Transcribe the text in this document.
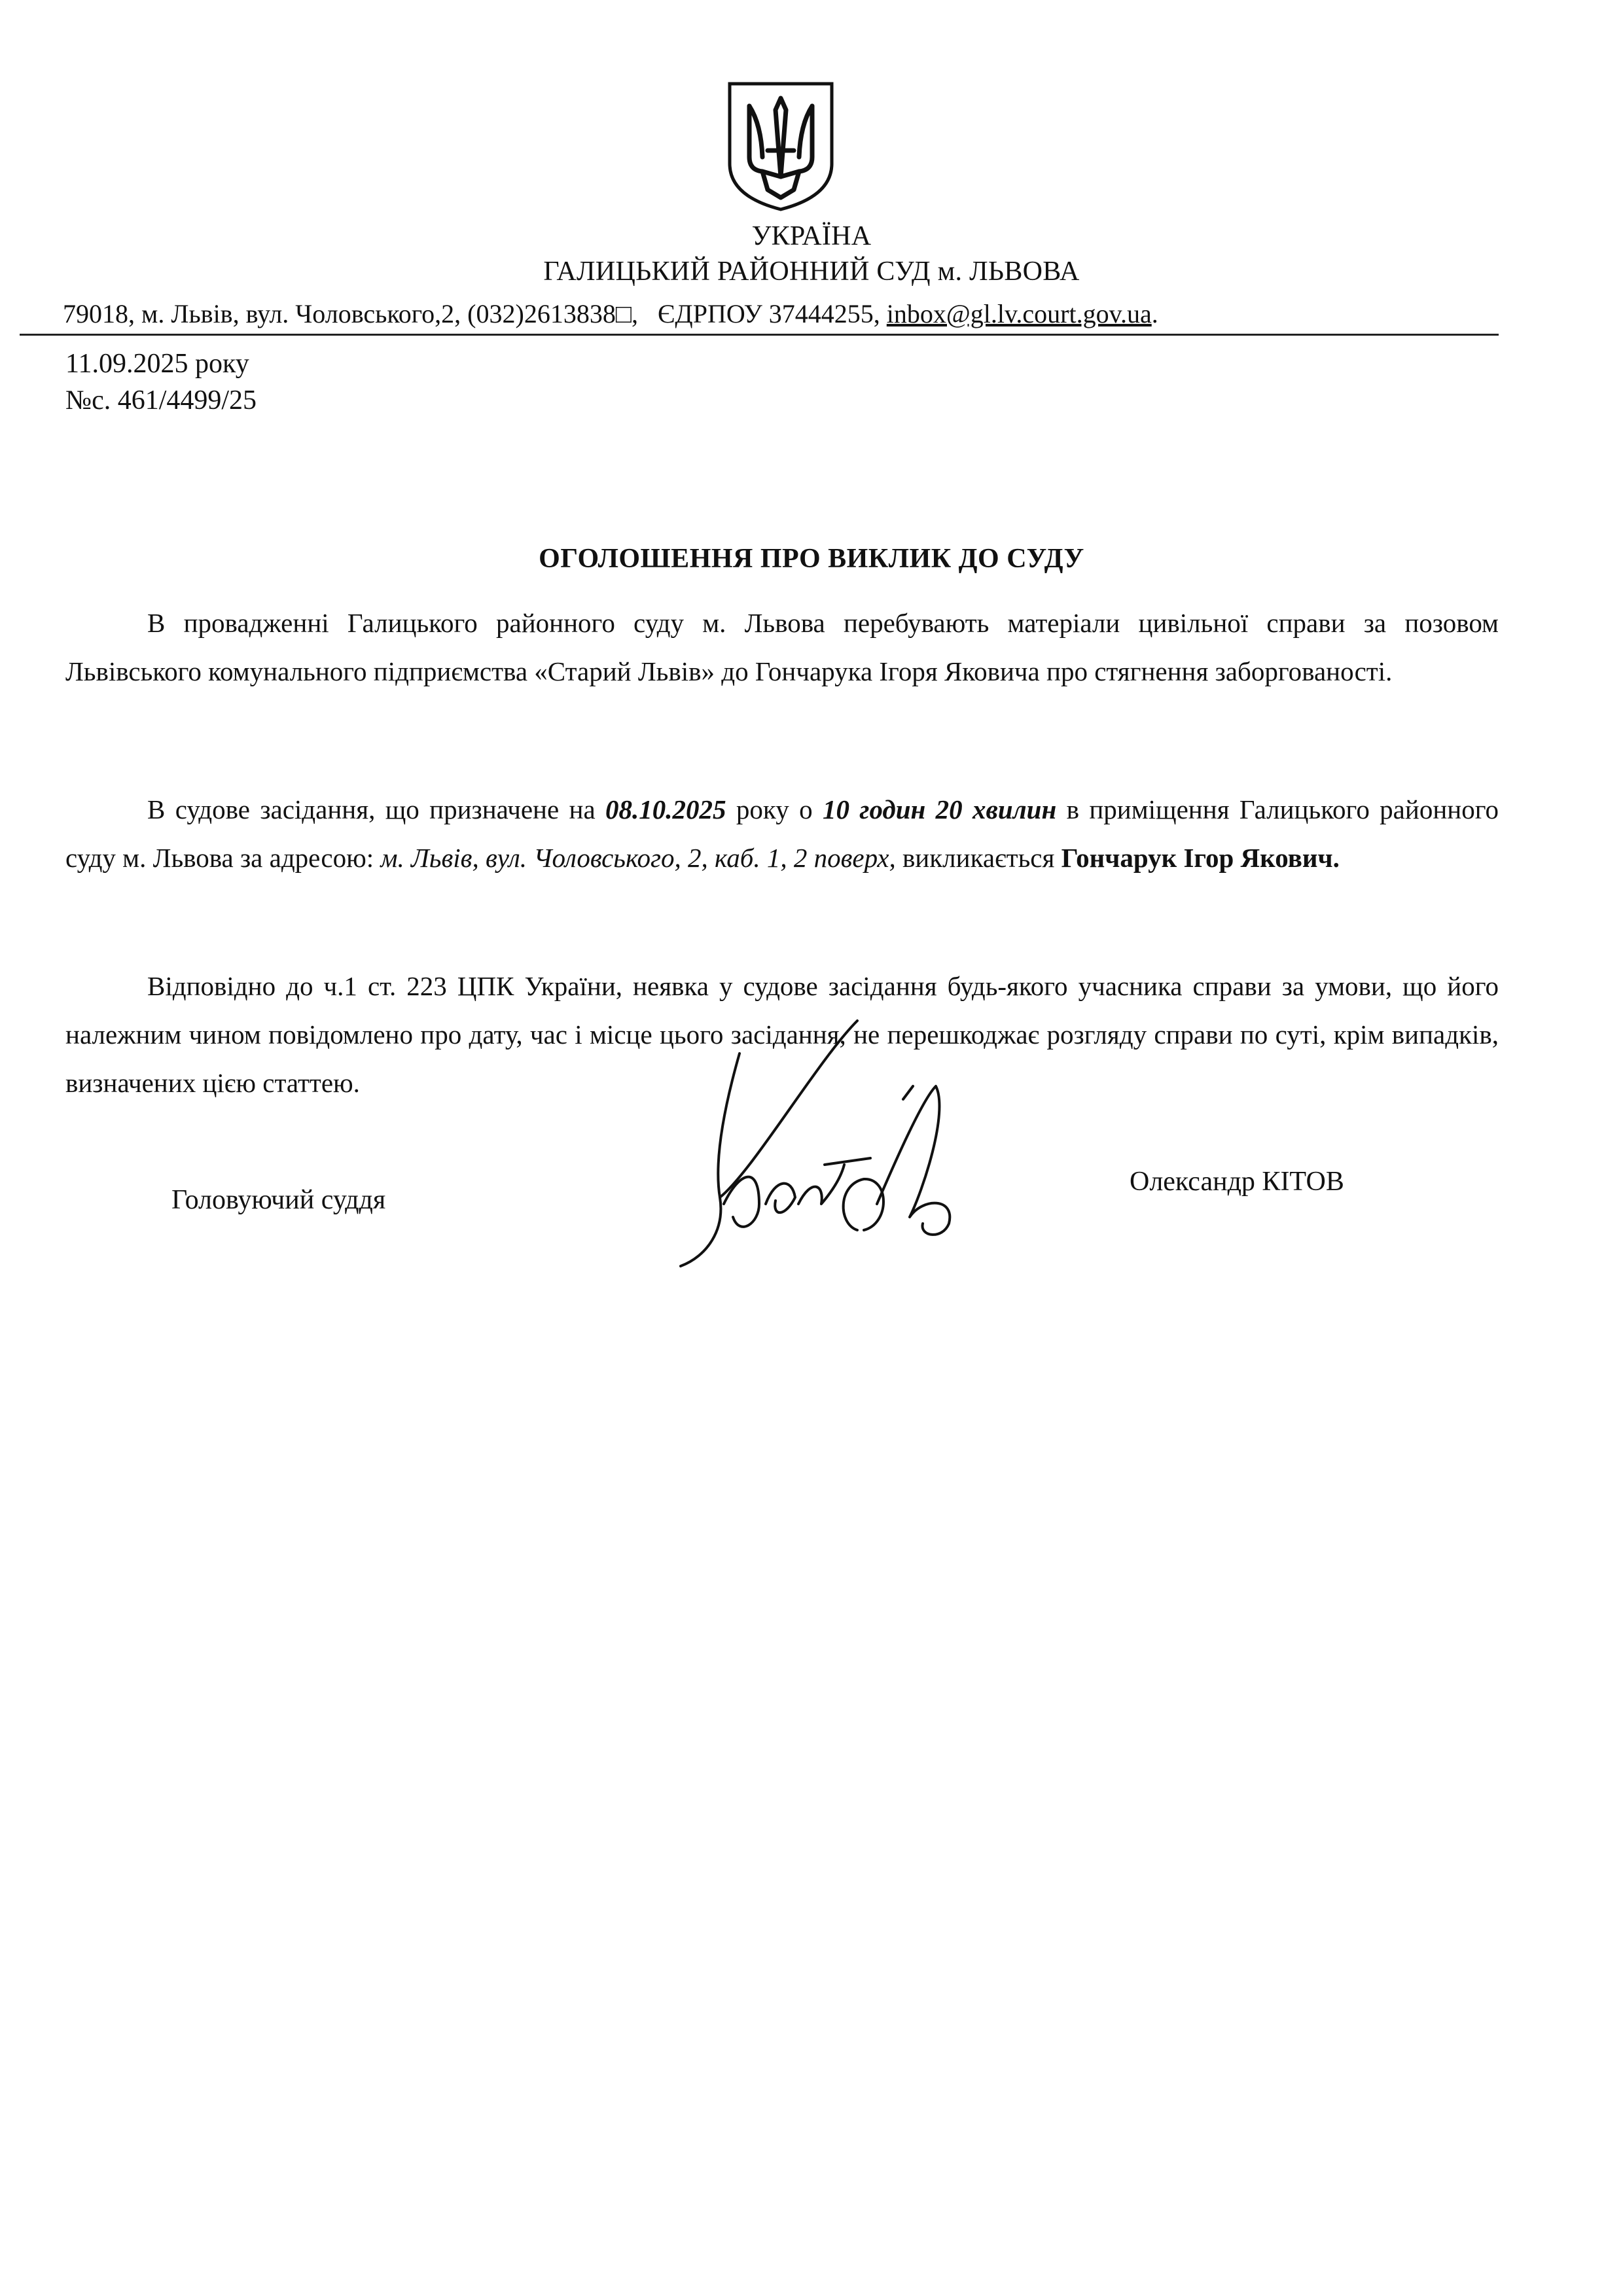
УКРАЇНА
ГАЛИЦЬКИЙ РАЙОННИЙ СУД м. ЛЬВОВА
79018, м. Львів, вул. Чоловського,2, (032)2613838□,   ЄДРПОУ 37444255, inbox@gl.lv.court.gov.ua.
11.09.2025 року
№с. 461/4499/25
ОГОЛОШЕННЯ ПРО ВИКЛИК ДО СУДУ

В провадженні Галицького районного суду м. Львова перебувають матеріали цивільної справи за позовом Львівського комунального підприємства «Старий Львів» до Гончарука Ігоря Яковича про стягнення заборгованості.

В судове засідання, що призначене на 08.10.2025 року о 10 годин 20 хвилин в приміщення Галицького районного суду м. Львова за адресою: м. Львів, вул. Чоловського, 2, каб. 1, 2 поверх, викликається Гончарук Ігор Якович.

Відповідно до ч.1 ст. 223 ЦПК України, неявка у судове засідання будь-якого учасника справи за умови, що його належним чином повідомлено про дату, час і місце цього засідання, не перешкоджає розгляду справи по суті, крім випадків, визначених цією статтею.

Головуючий суддя
Олександр КІТОВ
